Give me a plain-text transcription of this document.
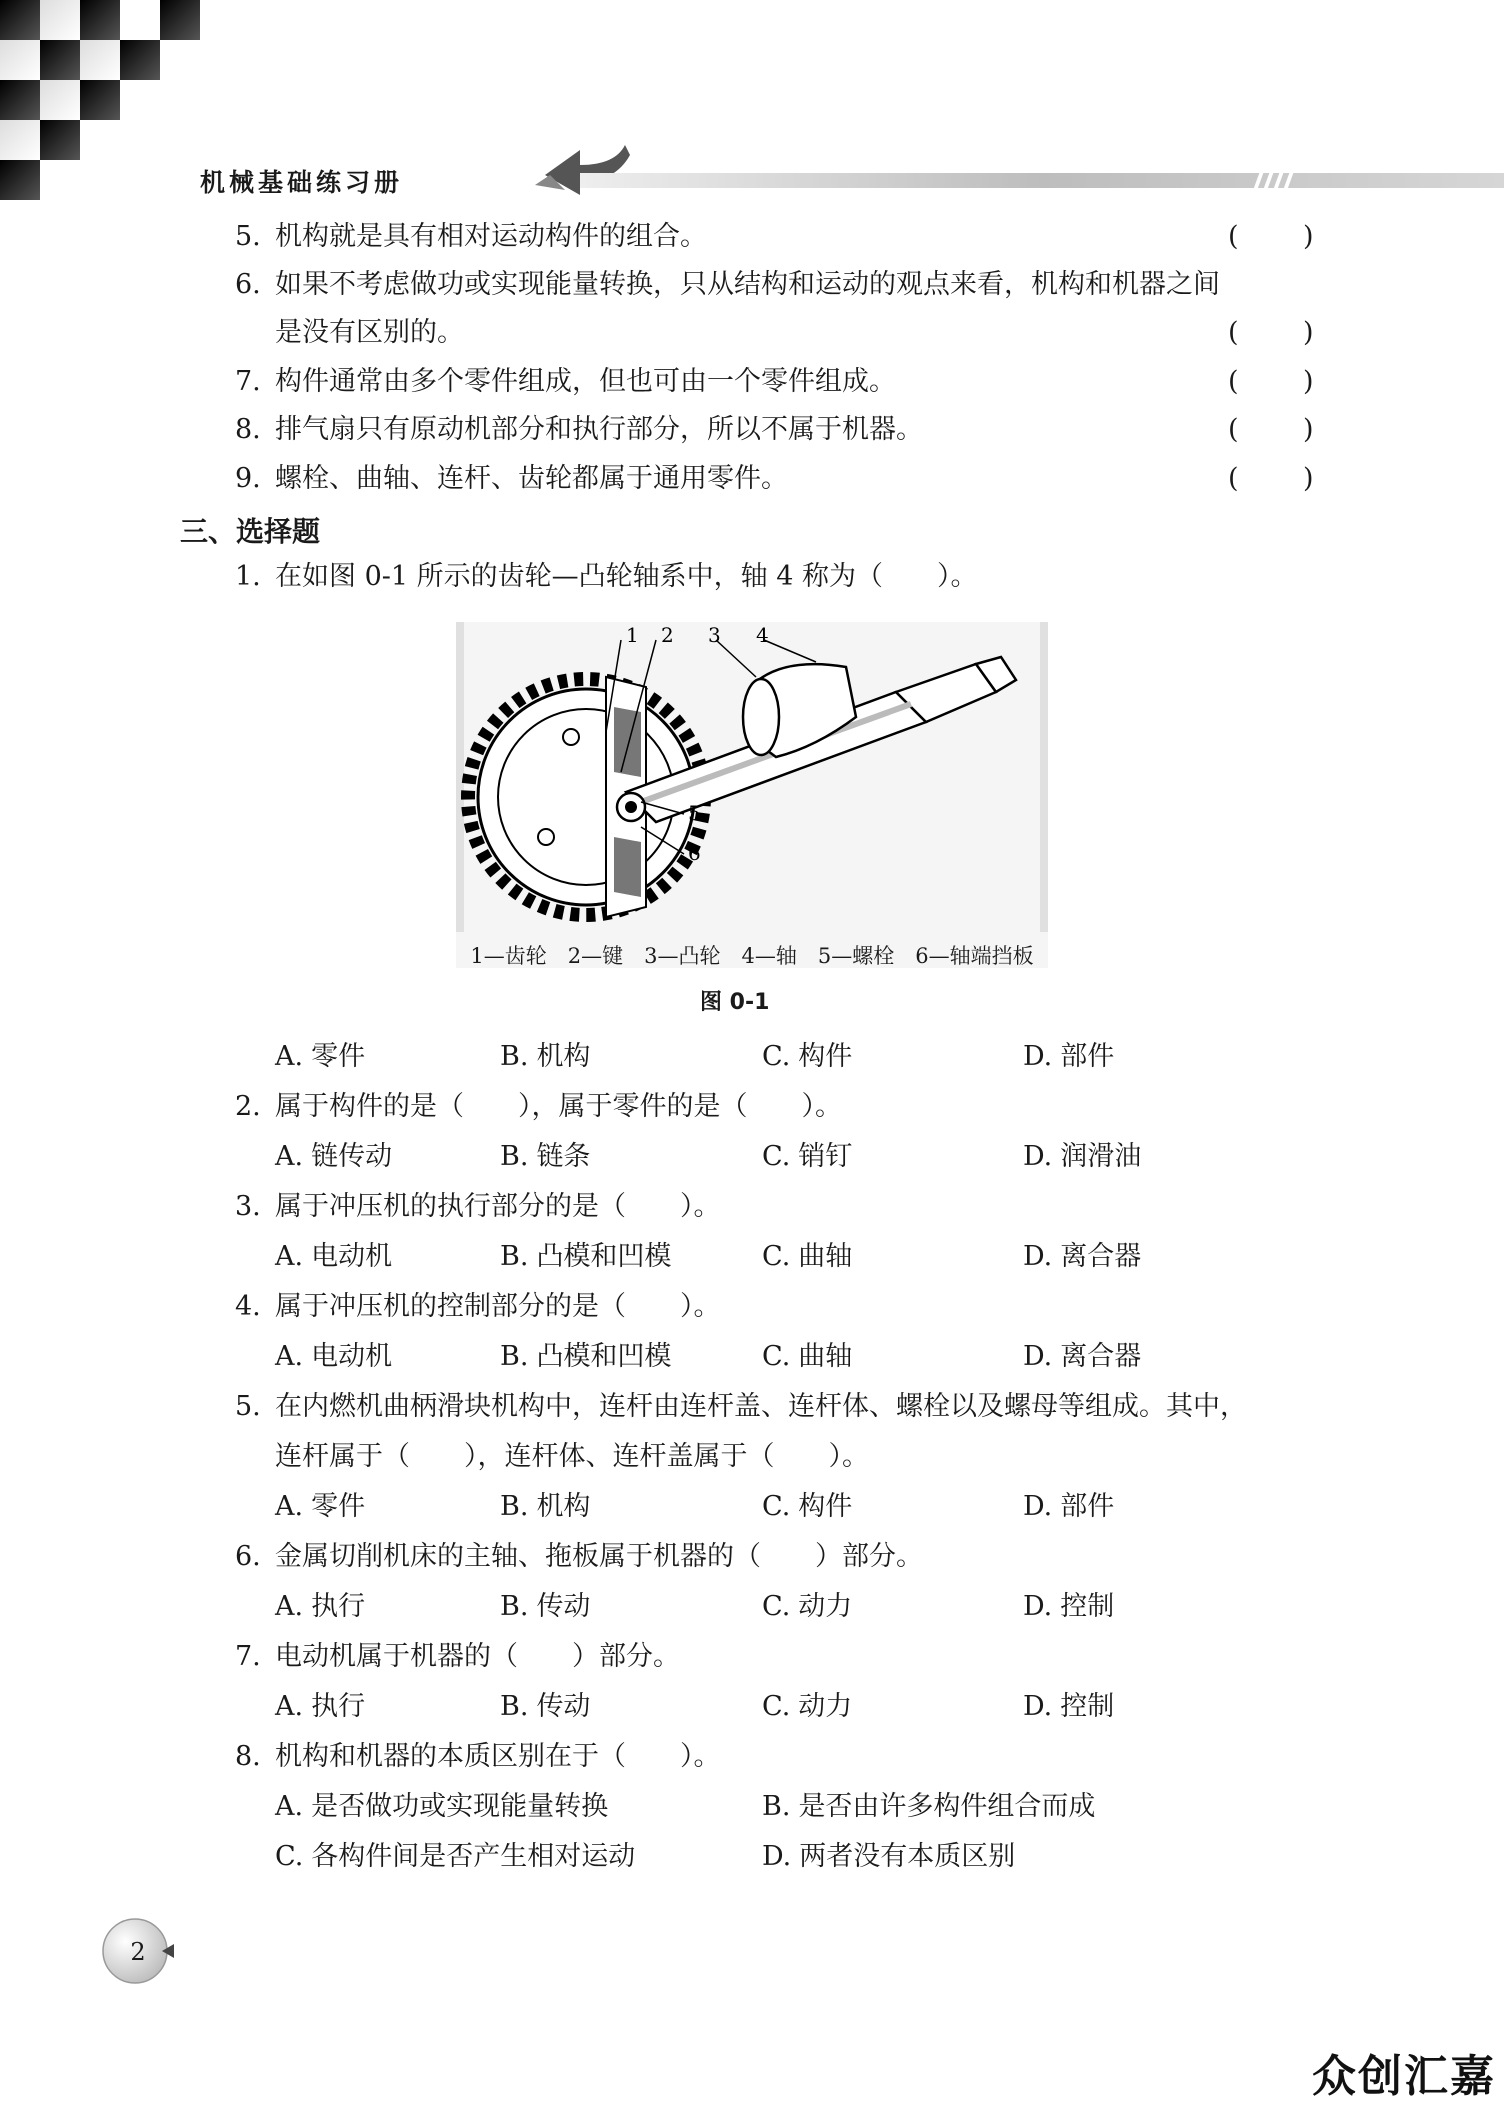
机械基础练习册
5. 机构就是具有相对运动构件的组合。	( )
6. 如果不考虑做功或实现能量转换，只从结构和运动的观点来看，机构和机器之间
是没有区别的。	( )
7. 构件通常由多个零件组成，但也可由一个零件组成。	( )
8. 排气扇只有原动机部分和执行部分，所以不属于机器。	( )
9. 螺栓、曲轴、连杆、齿轮都属于通用零件。	( )
三、选择题
1. 在如图 0-1 所示的齿轮—凸轮轴系中，轴 4 称为（　　）。
1 2 3 4
5
6
1—齿轮　2—键　3—凸轮　4—轴　5—螺栓　6—轴端挡板
图 0-1
A. 零件	B. 机构	C. 构件	D. 部件
2. 属于构件的是（　　），属于零件的是（　　）。
A. 链传动	B. 链条	C. 销钉	D. 润滑油
3. 属于冲压机的执行部分的是（　　）。
A. 电动机	B. 凸模和凹模	C. 曲轴	D. 离合器
4. 属于冲压机的控制部分的是（　　）。
A. 电动机	B. 凸模和凹模	C. 曲轴	D. 离合器
5. 在内燃机曲柄滑块机构中，连杆由连杆盖、连杆体、螺栓以及螺母等组成。其中，
连杆属于（　　），连杆体、连杆盖属于（　　）。
A. 零件	B. 机构	C. 构件	D. 部件
6. 金属切削机床的主轴、拖板属于机器的（　　）部分。
A. 执行	B. 传动	C. 动力	D. 控制
7. 电动机属于机器的（　　）部分。
A. 执行	B. 传动	C. 动力	D. 控制
8. 机构和机器的本质区别在于（　　）。
A. 是否做功或实现能量转换	B. 是否由许多构件组合而成
C. 各构件间是否产生相对运动	D. 两者没有本质区别
2
众创汇嘉
